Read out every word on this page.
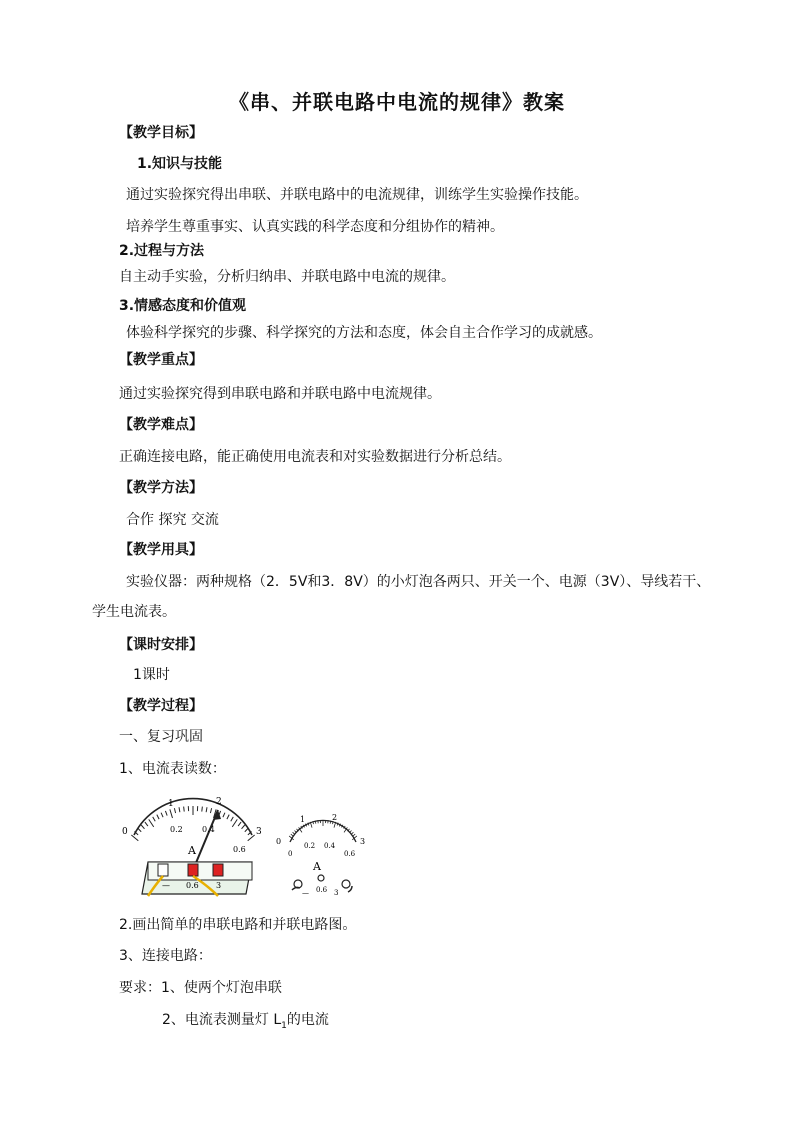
《串、并联电路中电流的规律》教案
【教学目标】
1.知识与技能
通过实验探究得出串联、并联电路中的电流规律，训练学生实验操作技能。
培养学生尊重事实、认真实践的科学态度和分组协作的精神。
2.过程与方法
自主动手实验，分析归纳串、并联电路中电流的规律。
3.情感态度和价值观
体验科学探究的步骤、科学探究的方法和态度，体会自主合作学习的成就感。
【教学重点】
通过实验探究得到串联电路和并联电路中电流规律。
【教学难点】
正确连接电路，能正确使用电流表和对实验数据进行分析总结。
【教学方法】
合作 探究 交流
【教学用具】
实验仪器：两种规格（2．5V和3．8V）的小灯泡各两只、开关一个、电源（3V）、导线若干、
学生电流表。
【课时安排】
1课时
【教学过程】
一、复习巩固
1、电流表读数：
0
1	2
3
0.2 0.4
0.6
A
— 0.6 3
0
1	2
3
0
0.2 0.4
0.6
A
— 0.6 3
2.画出简单的串联电路和并联电路图。
3、连接电路：
要求：1、使两个灯泡串联
2、电流表测量灯 $L_1$的电流
